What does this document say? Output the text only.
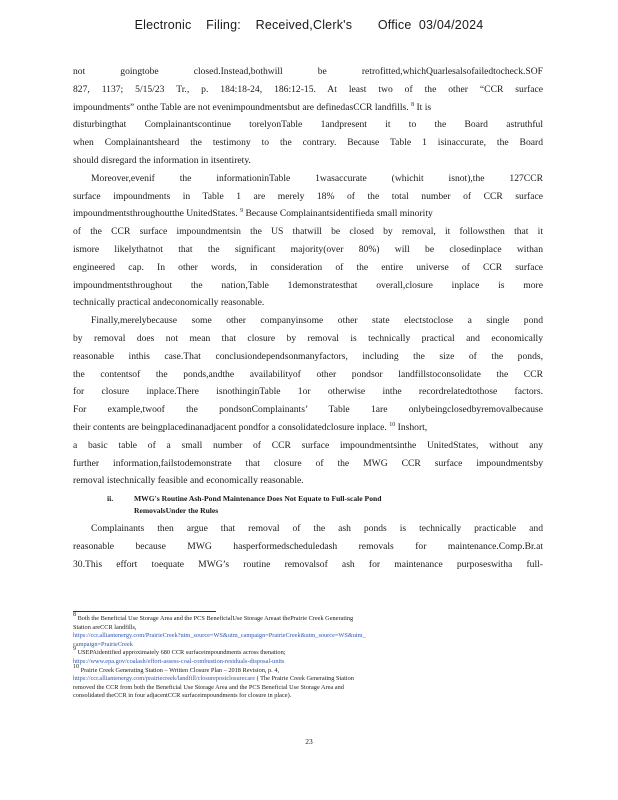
Electronic    Filing:    Received,Clerk's       Office  03/04/2024
not goingtobe closed.Instead,bothwill be retrofitted,whichQuarlesalsofailedtocheck.SOF
827, 1137; 5/15/23 Tr., p. 184:18-24, 186:12-15. At least two of the other “CCR surface
impoundments” onthe Table are not evenimpoundmentsbut are definedasCCR landfills. $^8$ It is
disturbingthat Complainantscontinue torelyonTable 1andpresent it to the Board astruthful
when Complainantsheard the testimony to the contrary. Because Table 1 isinaccurate, the Board
should disregard the information in itsentirety.
Moreover,evenif the informationinTable 1wasaccurate (whichit isnot),the 127CCR
surface impoundments in Table 1 are merely 18% of the total number of CCR surface
impoundmentsthroughoutthe UnitedStates. $^9$ Because Complainantsidentifieda small minority
of the CCR surface impoundmentsin the US thatwill be closed by removal, it followsthen that it
ismore likelythatnot that the significant majority(over 80%) will be closedinplace withan
engineered cap. In other words, in consideration of the entire universe of CCR surface
impoundmentsthroughout the nation,Table 1demonstratesthat overall,closure inplace is more
technically practical andeconomically reasonable.
Finally,merelybecause some other companyinsome other state electstoclose a single pond
by removal does not mean that closure by removal is technically practical and economically
reasonable inthis case.That conclusiondependsonmanyfactors, including the size of the ponds,
the contentsof the ponds,andthe availabilityof other pondsor landfillstoconsolidate the CCR
for closure inplace.There isnothinginTable 1or otherwise inthe recordrelatedtothose factors.
For example,twoof the pondsonComplainants’ Table 1are onlybeingclosedbyremovalbecause
their contents are beingplacedinanadjacent pondfor a consolidatedclosure inplace. $^{10}$ Inshort,
a basic table of a small number of CCR surface impoundmentsinthe UnitedStates, without any
further information,failstodemonstrate that closure of the MWG CCR surface impoundmentsby
removal istechnically feasible and economically reasonable.
ii.	MWG's Routine Ash-Pond Maintenance Does Not Equate to Full-scale Pond
RemovalsUnder the Rules
Complainants then argue that removal of the ash ponds is technically practicable and
reasonable because MWG hasperformedscheduledash removals for maintenance.Comp.Br.at
30.This effort toequate MWG’s routine removalsof ash for maintenance purposeswitha full-
$^8$ Both the Beneficial Use Storage Area and the PCS BeneficialUse Storage Areaat thePrairie Creek Generating
Station areCCR landfills,
https://ccr.alliantenergy.com/PrairieCreek?utm_source=WS&utm_campaign=PrairieCreek&utm_source=WS&utm_
campaign=PrairieCreek
$^9$ USEPAidentified approximately 680 CCR surfaceimpoundments across thenation;
https://www.epa.gov/coalash/effort-assess-coal-combustion-residuals-disposal-units
$^{10}$ Prairie Creek Generating Station – Written Closure Plan – 2018 Revision, p. 4,
https://ccr.alliantenergy.com/prairiecreek/landfill/closurepostclosurecare ( The Prairie Creek Generating Station
removed the CCR from both the Beneficial Use Storage Area and the PCS Beneficial Use Storage Area and
consolidated theCCR in four adjacentCCR surfaceimpoundments for closure in place).
23
